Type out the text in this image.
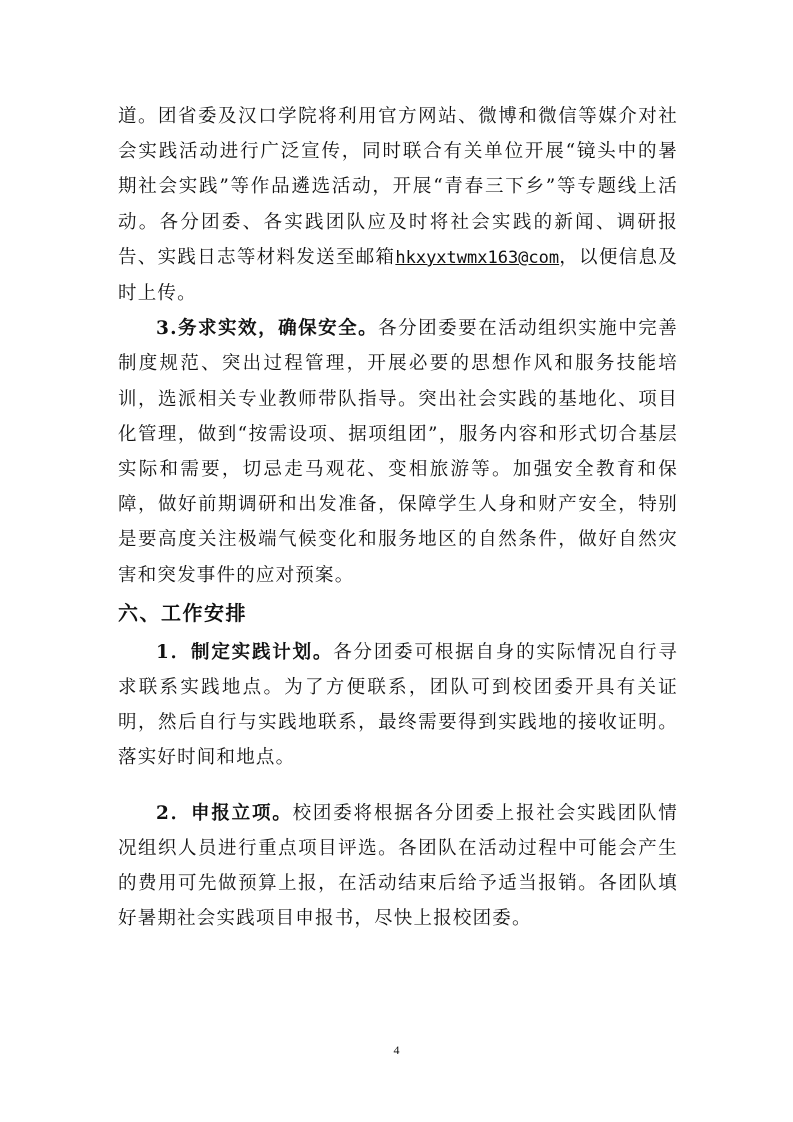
道。团省委及汉口学院将利用官方网站、微博和微信等媒介对社会实践活动进行广泛宣传，同时联合有关单位开展“镜头中的暑期社会实践”等作品遴选活动，开展“青春三下乡”等专题线上活动。各分团委、各实践团队应及时将社会实践的新闻、调研报告、实践日志等材料发送至邮箱hkxyxtwmx163@com，以便信息及时上传。

3.务求实效，确保安全。各分团委要在活动组织实施中完善制度规范、突出过程管理，开展必要的思想作风和服务技能培训，选派相关专业教师带队指导。突出社会实践的基地化、项目化管理，做到“按需设项、据项组团”，服务内容和形式切合基层实际和需要，切忌走马观花、变相旅游等。加强安全教育和保障，做好前期调研和出发准备，保障学生人身和财产安全，特别是要高度关注极端气候变化和服务地区的自然条件，做好自然灾害和突发事件的应对预案。

六、工作安排

1．制定实践计划。各分团委可根据自身的实际情况自行寻求联系实践地点。为了方便联系，团队可到校团委开具有关证明，然后自行与实践地联系，最终需要得到实践地的接收证明。落实好时间和地点。

2．申报立项。校团委将根据各分团委上报社会实践团队情况组织人员进行重点项目评选。各团队在活动过程中可能会产生的费用可先做预算上报，在活动结束后给予适当报销。各团队填好暑期社会实践项目申报书，尽快上报校团委。

4
